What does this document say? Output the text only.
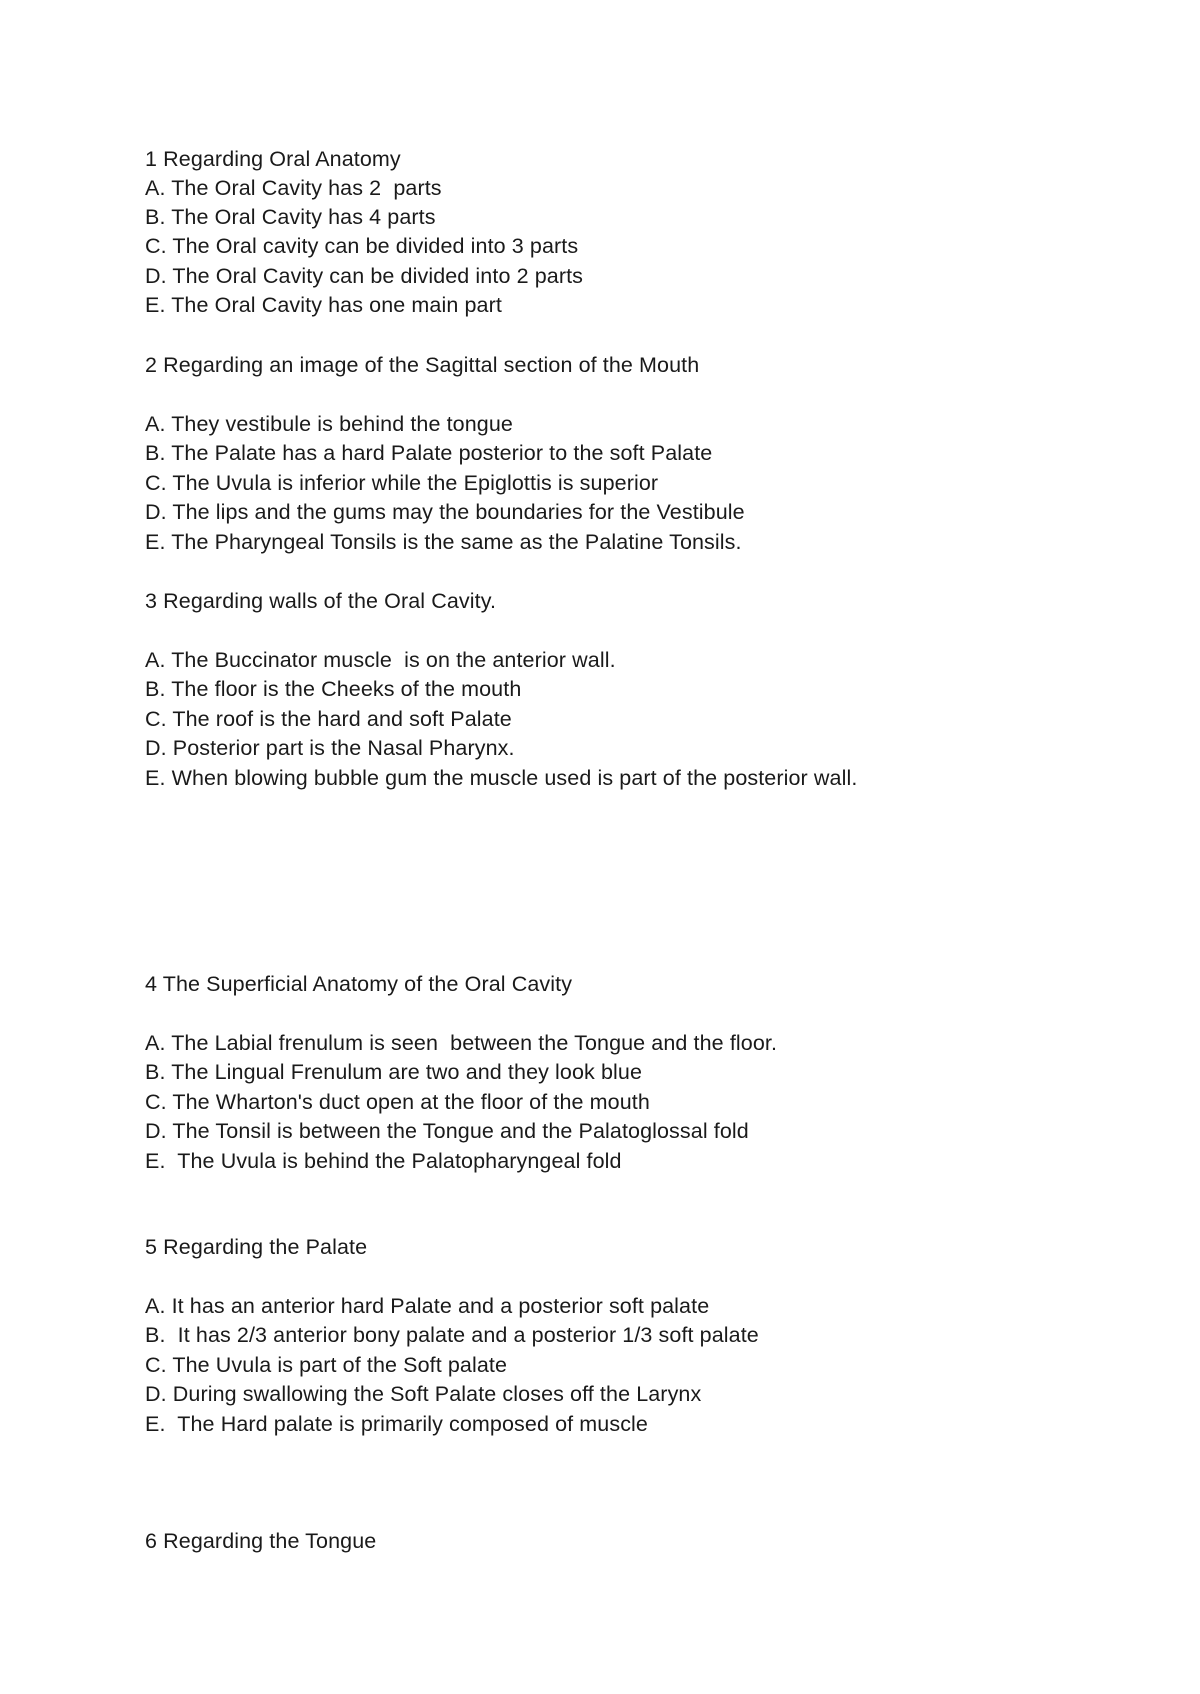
1 Regarding Oral Anatomy
A. The Oral Cavity has 2  parts
B. The Oral Cavity has 4 parts
C. The Oral cavity can be divided into 3 parts
D. The Oral Cavity can be divided into 2 parts
E. The Oral Cavity has one main part
2 Regarding an image of the Sagittal section of the Mouth
A. They vestibule is behind the tongue
B. The Palate has a hard Palate posterior to the soft Palate
C. The Uvula is inferior while the Epiglottis is superior
D. The lips and the gums may the boundaries for the Vestibule
E. The Pharyngeal Tonsils is the same as the Palatine Tonsils.
3 Regarding walls of the Oral Cavity.
A. The Buccinator muscle  is on the anterior wall.
B. The floor is the Cheeks of the mouth
C. The roof is the hard and soft Palate
D. Posterior part is the Nasal Pharynx.
E. When blowing bubble gum the muscle used is part of the posterior wall.
4 The Superficial Anatomy of the Oral Cavity
A. The Labial frenulum is seen  between the Tongue and the floor.
B. The Lingual Frenulum are two and they look blue
C. The Wharton's duct open at the floor of the mouth
D. The Tonsil is between the Tongue and the Palatoglossal fold
E.  The Uvula is behind the Palatopharyngeal fold
5 Regarding the Palate
A. It has an anterior hard Palate and a posterior soft palate
B.  It has 2/3 anterior bony palate and a posterior 1/3 soft palate
C. The Uvula is part of the Soft palate
D. During swallowing the Soft Palate closes off the Larynx
E.  The Hard palate is primarily composed of muscle
6 Regarding the Tongue
